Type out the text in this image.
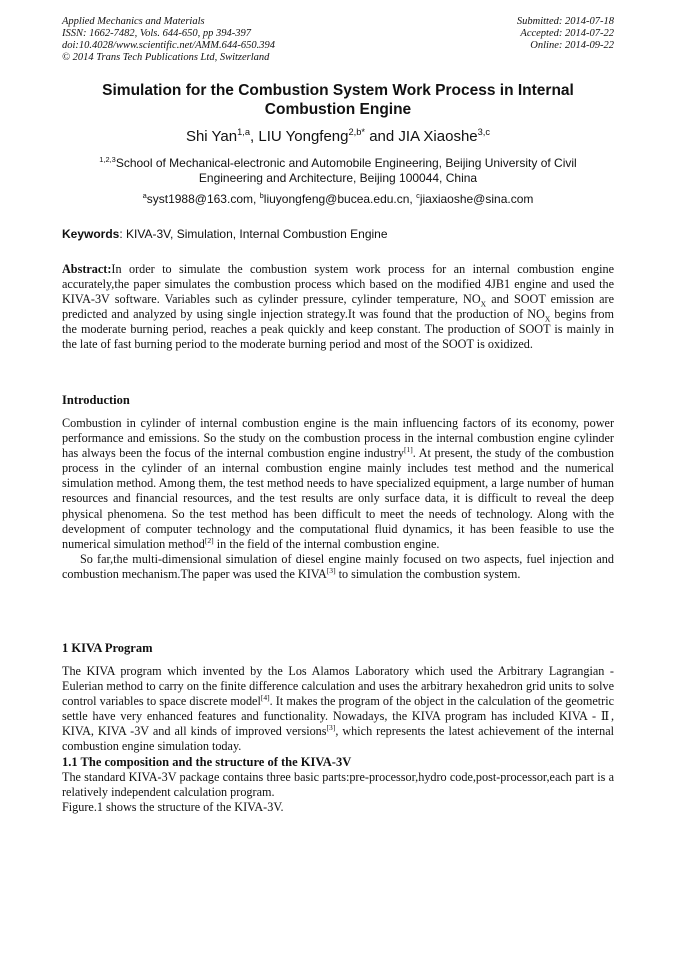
Applied Mechanics and Materials
ISSN: 1662-7482, Vols. 644-650, pp 394-397
doi:10.4028/www.scientific.net/AMM.644-650.394
© 2014 Trans Tech Publications Ltd, Switzerland
Submitted: 2014-07-18
Accepted: 2014-07-22
Online: 2014-09-22
Simulation for the Combustion System Work Process in Internal
Combustion Engine
Shi Yan$^{1,a}$, LIU Yongfeng$^{2,b*}$ and JIA Xiaoshe$^{3,c}$
$^{1,2,3}$School of Mechanical-electronic and Automobile Engineering, Beijing University of Civil
Engineering and Architecture, Beijing 100044, China
$^a$syst1988@163.com, $^b$liuyongfeng@bucea.edu.cn, $^c$jiaxiaoshe@sina.com
Keywords: KIVA-3V, Simulation, Internal Combustion Engine

Abstract:In order to simulate the combustion system work process for an internal combustion engine accurately,the paper simulates the combustion process which based on the modified 4JB1 engine and used the KIVA-3V software. Variables such as cylinder pressure, cylinder temperature, $NO_X$ and SOOT emission are predicted and analyzed by using single injection strategy.It was found that the production of $NO_X$ begins from the moderate burning period, reaches a peak quickly and keep constant. The production of SOOT is mainly in the late of fast burning period to the moderate burning period and most of the SOOT is oxidized.

Introduction

Combustion in cylinder of internal combustion engine is the main influencing factors of its economy, power performance and emissions. So the study on the combustion process in the internal combustion engine cylinder has always been the focus of the internal combustion engine industry[1]. At present, the study of the combustion process in the cylinder of an internal combustion engine mainly includes test method and the numerical simulation method. Among them, the test method needs to have specialized equipment, a large number of human resources and financial resources, and the test results are only surface data, it is difficult to reveal the deep physical phenomena. So the test method has been difficult to meet the needs of technology. Along with the development of computer technology and the computational fluid dynamics, it has been feasible to use the numerical simulation method[2] in the field of the internal combustion engine.

So far,the multi-dimensional simulation of diesel engine mainly focused on two aspects, fuel injection and combustion mechanism.The paper was used the KIVA[3] to simulation the combustion system.

1 KIVA Program

The KIVA program which invented by the Los Alamos Laboratory which used the Arbitrary Lagrangian - Eulerian method to carry on the finite difference calculation and uses the arbitrary hexahedron grid units to solve control variables to space discrete model[4]. It makes the program of the object in the calculation of the geometric settle have very enhanced features and functionality. Nowadays, the KIVA program has included KIVA - Ⅱ, KIVA, KIVA -3V and all kinds of improved versions[3], which represents the latest achievement of the internal combustion engine simulation today.

1.1 The composition and the structure of the KIVA-3V

The standard KIVA-3V package contains three basic parts:pre-processor,hydro code,post-processor,each part is a relatively independent calculation program.

Figure.1 shows the structure of the KIVA-3V.
